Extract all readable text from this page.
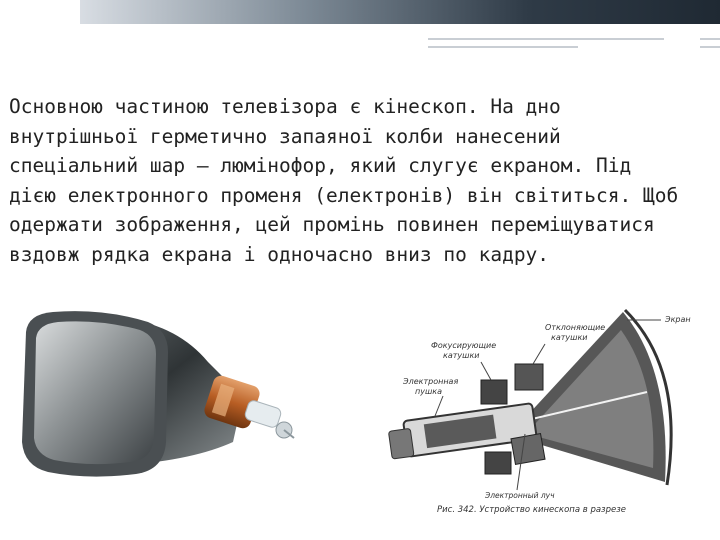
Основною частиною телевізора є кінескоп. На дно
внутрішньої герметично запаяної колби нанесений
спеціальний шар – люмінофор, який слугує екраном. Під
дією електронного променя (електронів) він світиться. Щоб
одержати зображення, цей промінь повинен переміщуватися
вздовж рядка екрана і одночасно вниз по кадру.

Экран
Отклоняющие
катушки
Фокусирующие
катушки
Электронная
пушка
Электронный луч
Рис. 342. Устройство кинескопа в разрезе
